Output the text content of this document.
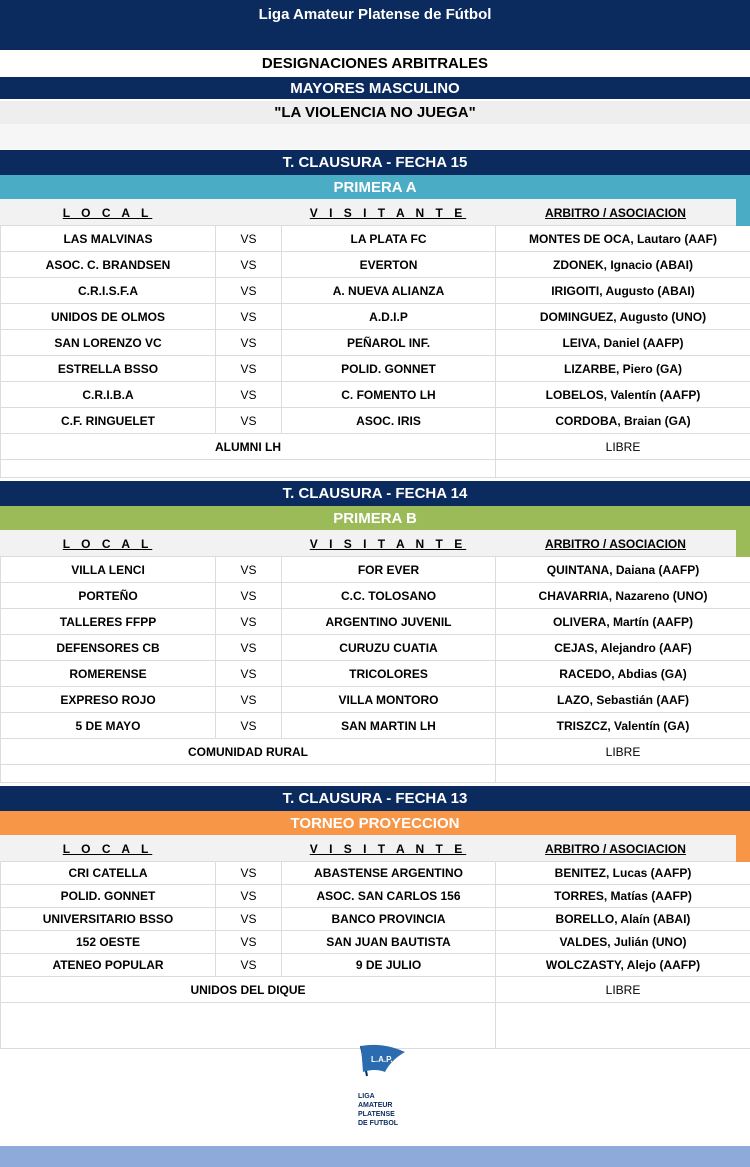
Liga Amateur Platense de Fútbol
DESIGNACIONES ARBITRALES
MAYORES MASCULINO
"LA VIOLENCIA NO JUEGA"
T. CLAUSURA - FECHA 15
PRIMERA A
L O C A L	V I S I T A N T E	ARBITRO / ASOCIACION
LAS MALVINAS	VS	LA PLATA FC	MONTES DE OCA, Lautaro (AAF)
ASOC. C. BRANDSEN	VS	EVERTON	ZDONEK, Ignacio (ABAI)
C.R.I.S.F.A	VS	A. NUEVA ALIANZA	IRIGOITI, Augusto (ABAI)
UNIDOS DE OLMOS	VS	A.D.I.P	DOMINGUEZ, Augusto (UNO)
SAN LORENZO VC	VS	PEÑAROL INF.	LEIVA, Daniel (AAFP)
ESTRELLA BSSO	VS	POLID. GONNET	LIZARBE, Piero (GA)
C.R.I.B.A	VS	C. FOMENTO LH	LOBELOS, Valentín (AAFP)
C.F. RINGUELET	VS	ASOC. IRIS	CORDOBA, Braian (GA)
ALUMNI LH	LIBRE
T. CLAUSURA - FECHA 14
PRIMERA B
L O C A L	V I S I T A N T E	ARBITRO / ASOCIACION
VILLA LENCI	VS	FOR EVER	QUINTANA, Daiana (AAFP)
PORTEÑO	VS	C.C. TOLOSANO	CHAVARRIA, Nazareno (UNO)
TALLERES FFPP	VS	ARGENTINO JUVENIL	OLIVERA, Martín (AAFP)
DEFENSORES CB	VS	CURUZU CUATIA	CEJAS, Alejandro (AAF)
ROMERENSE	VS	TRICOLORES	RACEDO, Abdias (GA)
EXPRESO ROJO	VS	VILLA MONTORO	LAZO, Sebastián (AAF)
5 DE MAYO	VS	SAN MARTIN LH	TRISZCZ, Valentín (GA)
COMUNIDAD RURAL	LIBRE
T. CLAUSURA - FECHA 13
TORNEO PROYECCION
L O C A L	V I S I T A N T E	ARBITRO / ASOCIACION
CRI CATELLA	VS	ABASTENSE ARGENTINO	BENITEZ, Lucas (AAFP)
POLID. GONNET	VS	ASOC. SAN CARLOS 156	TORRES, Matías (AAFP)
UNIVERSITARIO BSSO	VS	BANCO PROVINCIA	BORELLO, Alaín (ABAI)
152 OESTE	VS	SAN JUAN BAUTISTA	VALDES, Julián (UNO)
ATENEO POPULAR	VS	9 DE JULIO	WOLCZASTY, Alejo (AAFP)
UNIDOS DEL DIQUE	LIBRE
L.A.P.
LIGA
AMATEUR
PLATENSE
DE FUTBOL
